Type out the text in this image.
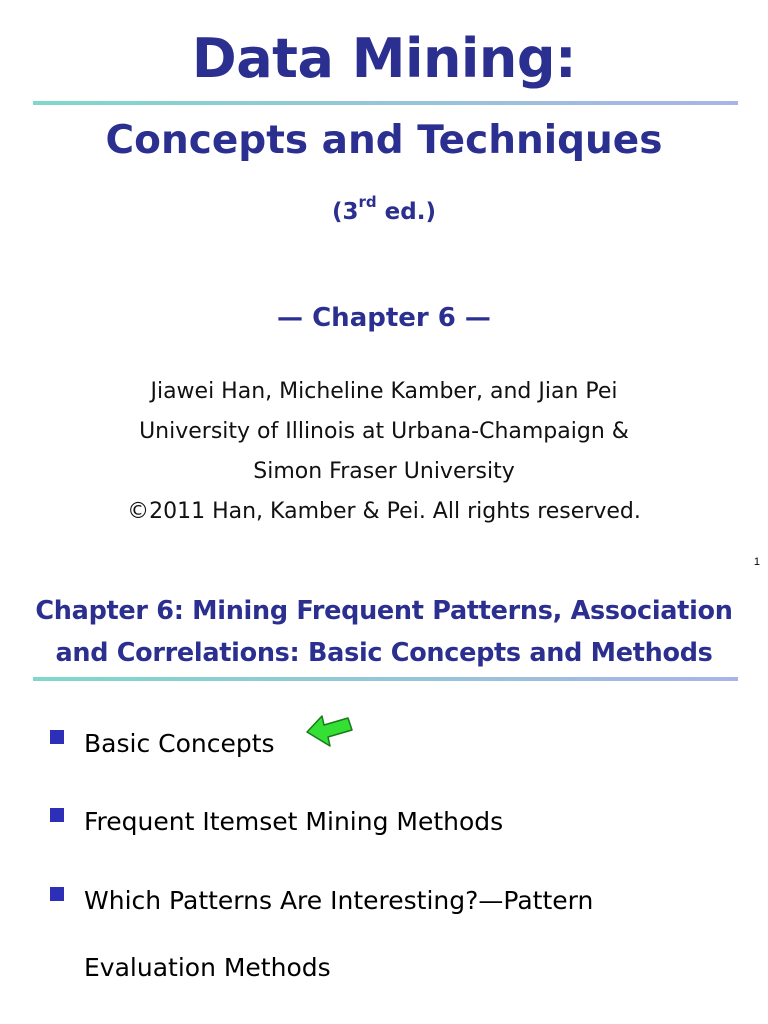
Data Mining:
Concepts and Techniques
(3rd ed.)
— Chapter 6 —
Jiawei Han, Micheline Kamber, and Jian Pei
University of Illinois at Urbana-Champaign &
Simon Fraser University
©2011 Han, Kamber & Pei. All rights reserved.
1
Chapter 6: Mining Frequent Patterns, Association
and Correlations: Basic Concepts and Methods
Basic Concepts
Frequent Itemset Mining Methods
Which Patterns Are Interesting?—Pattern
Evaluation Methods
